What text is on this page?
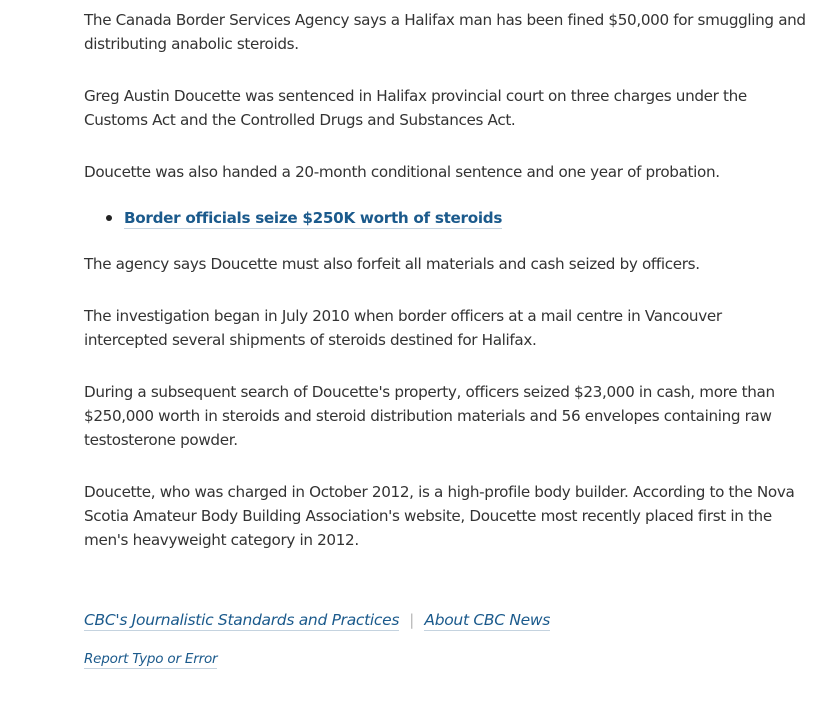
The Canada Border Services Agency says a Halifax man has been fined $50,000 for smuggling and distributing anabolic steroids.

Greg Austin Doucette was sentenced in Halifax provincial court on three charges under the Customs Act and the Controlled Drugs and Substances Act.

Doucette was also handed a 20-month conditional sentence and one year of probation.

Border officials seize $250K worth of steroids

The agency says Doucette must also forfeit all materials and cash seized by officers.

The investigation began in July 2010 when border officers at a mail centre in Vancouver intercepted several shipments of steroids destined for Halifax.

During a subsequent search of Doucette's property, officers seized $23,000 in cash, more than $250,000 worth in steroids and steroid distribution materials and 56 envelopes containing raw testosterone powder.

Doucette, who was charged in October 2012, is a high-profile body builder. According to the Nova Scotia Amateur Body Building Association's website, Doucette most recently placed first in the men's heavyweight category in 2012.

CBC's Journalistic Standards and Practices | About CBC News
Report Typo or Error
